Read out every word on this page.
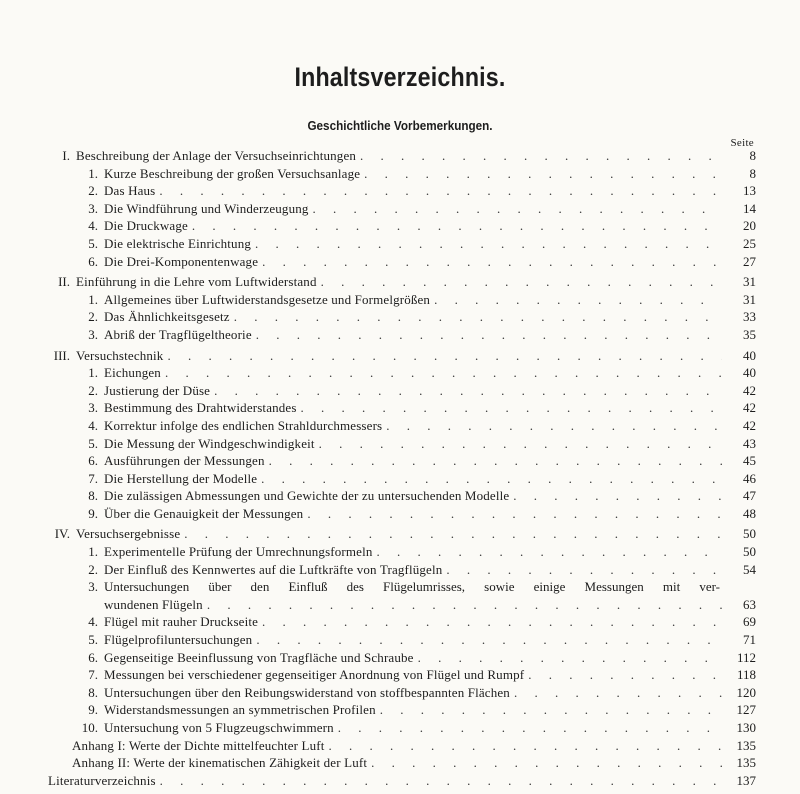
Inhaltsverzeichnis.
Geschichtliche Vorbemerkungen.
Seite
I. Beschreibung der Anlage der Versuchseinrichtungen . . .	8
1. Kurze Beschreibung der großen Versuchsanlage . . .	8
2. Das Haus . . .	13
3. Die Windführung und Winderzeugung . . .	14
4. Die Druckwage . . .	20
5. Die elektrische Einrichtung . . .	25
6. Die Drei-Komponentenwage . . .	27
II. Einführung in die Lehre vom Luftwiderstand . . .	31
1. Allgemeines über Luftwiderstandsgesetze und Formelgrößen . . .	31
2. Das Ähnlichkeitsgesetz . . .	33
3. Abriß der Tragflügeltheorie . . .	35
III. Versuchstechnik . . .	40
1. Eichungen . . .	40
2. Justierung der Düse . . .	42
3. Bestimmung des Drahtwiderstandes . . .	42
4. Korrektur infolge des endlichen Strahldurchmessers . . .	42
5. Die Messung der Windgeschwindigkeit . . .	43
6. Ausführungen der Messungen . . .	45
7. Die Herstellung der Modelle . . .	46
8. Die zulässigen Abmessungen und Gewichte der zu untersuchenden Modelle . . .	47
9. Über die Genauigkeit der Messungen . . .	48
IV. Versuchsergebnisse . . .	50
1. Experimentelle Prüfung der Umrechnungsformeln . . .	50
2. Der Einfluß des Kennwertes auf die Luftkräfte von Tragflügeln . . .	54
3. Untersuchungen über den Einfluß des Flügelumrisses, sowie einige Messungen mit ver-
wundenen Flügeln . . .	63
4. Flügel mit rauher Druckseite . . .	69
5. Flügelprofiluntersuchungen . . .	71
6. Gegenseitige Beeinflussung von Tragfläche und Schraube . . .	112
7. Messungen bei verschiedener gegenseitiger Anordnung von Flügel und Rumpf . . .	118
8. Untersuchungen über den Reibungswiderstand von stoffbespannten Flächen . . .	120
9. Widerstandsmessungen an symmetrischen Profilen . . .	127
10. Untersuchung von 5 Flugzeugschwimmern . . .	130
Anhang I: Werte der Dichte mittelfeuchter Luft . . .	135
Anhang II: Werte der kinematischen Zähigkeit der Luft . . .	135
Literaturverzeichnis . . .	137
